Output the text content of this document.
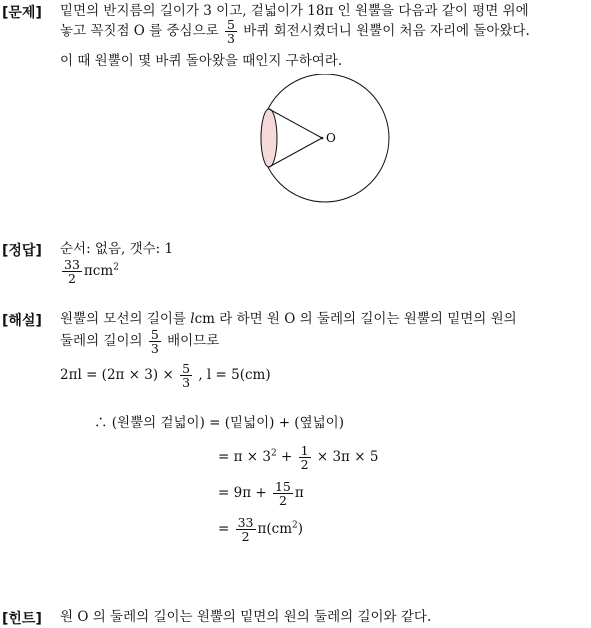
[문제] 밑면의 반지름의 길이가 3 이고, 겉넓이가 18π 인 원뿔을 다음과 같이 평면 위에
놓고 꼭짓점 O 를 중심으로 $\frac{5}{3}$ 바퀴 회전시켰더니 원뿔이 처음 자리에 돌아왔다.
이 때 원뿔이 몇 바퀴 돌아왔을 때인지 구하여라.
O
[정답] 순서: 없음, 갯수: 1
$\frac{33}{2} \pi cm^2$
[해설] 원뿔의 모선의 길이를 lcm 라 하면 원 O 의 둘레의 길이는 원뿔의 밑면의 원의
둘레의 길이의 $\frac{5}{3}$ 배이므로
$2\pi l = (2\pi \times 3) \times \frac{5}{3}$ , l = 5(cm)
∴ (원뿔의 겉넓이) = (밑넓이) + (옆넓이)
= $\pi \times 3^2 + \frac{1}{2} \times 3\pi \times 5$
= $9\pi + \frac{15}{2}$ π
= $\frac{33}{2} \pi(cm^2)$
[힌트] 원 O 의 둘레의 길이는 원뿔의 밑면의 원의 둘레의 길이와 같다.
